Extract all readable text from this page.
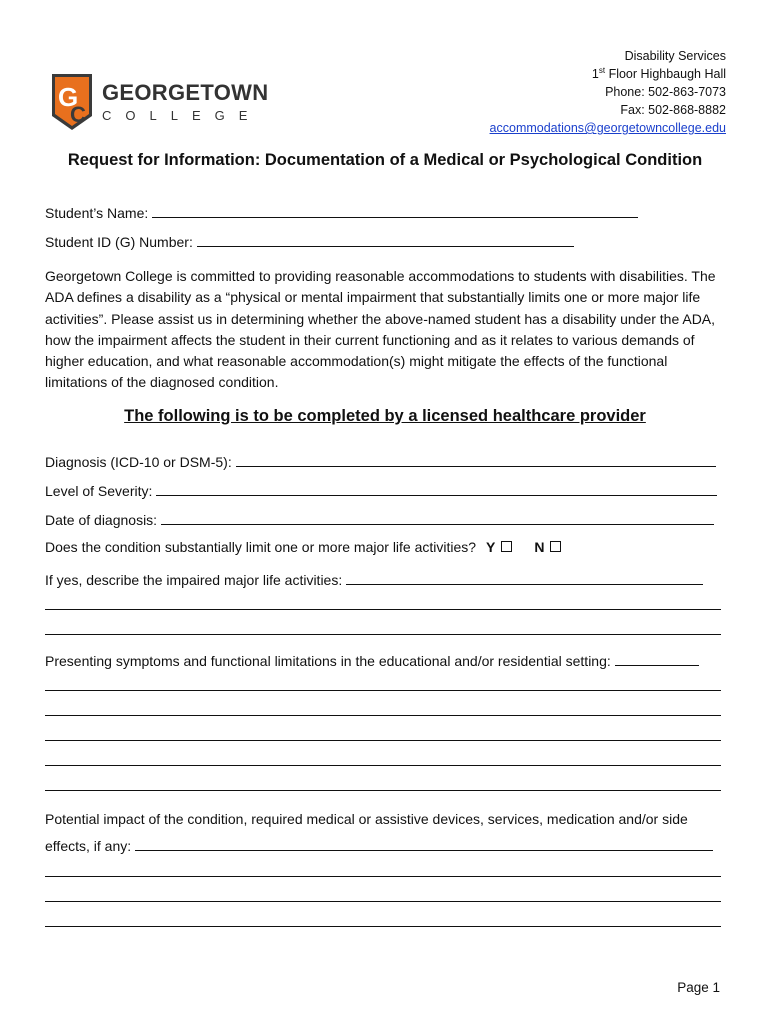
G
C
GEORGETOWN
COLLEGE
Disability Services
1st Floor Highbaugh Hall
Phone: 502-863-7073
Fax: 502-868-8882
accommodations@georgetowncollege.edu
Request for Information: Documentation of a Medical or Psychological Condition
Student’s Name:
Student ID (G) Number:
Georgetown College is committed to providing reasonable accommodations to students with disabilities. The ADA defines a disability as a “physical or mental impairment that substantially limits one or more major life activities”. Please assist us in determining whether the above-named student has a disability under the ADA, how the impairment affects the student in their current functioning and as it relates to various demands of higher education, and what reasonable accommodation(s) might mitigate the effects of the functional limitations of the diagnosed condition.
The following is to be completed by a licensed healthcare provider
Diagnosis (ICD-10 or DSM-5):
Level of Severity:
Date of diagnosis:
Does the condition substantially limit one or more major life activities? Y	N
If yes, describe the impaired major life activities:
Presenting symptoms and functional limitations in the educational and/or residential setting:
Potential impact of the condition, required medical or assistive devices, services, medication and/or side
effects, if any:
Page 1
